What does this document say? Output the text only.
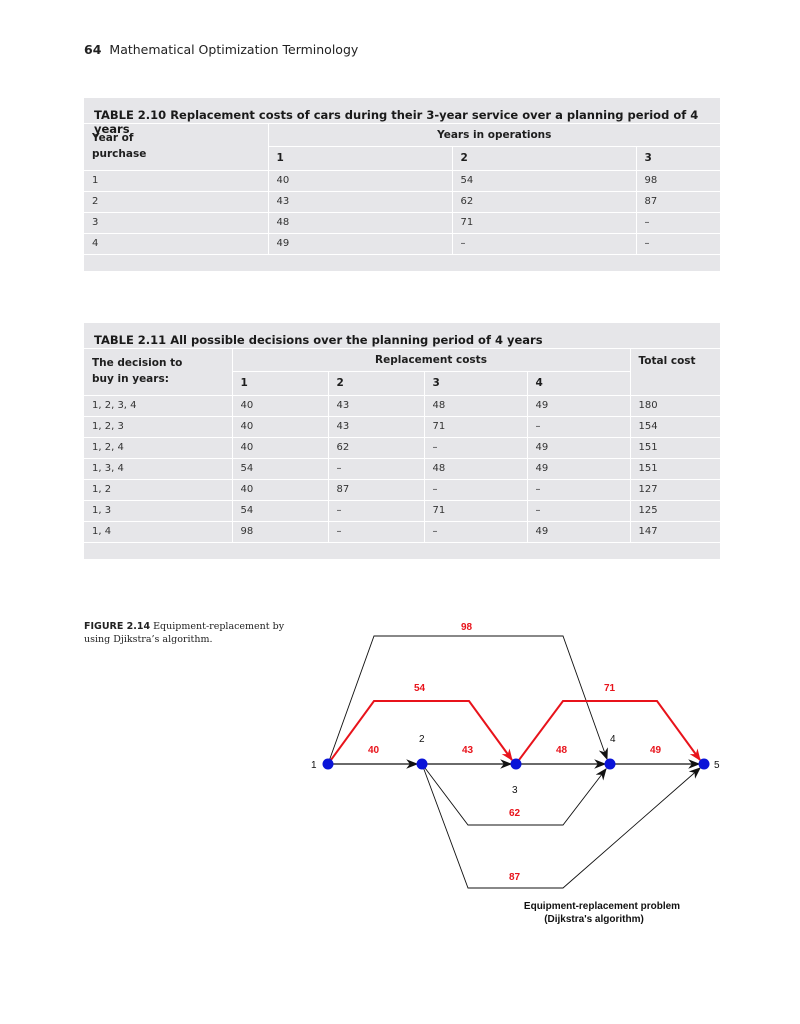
64 Mathematical Optimization Terminology
TABLE 2.10 Replacement costs of cars during their 3-year service over a planning period of 4 years
Year of
purchase	Years in operations		
	1	2	3
1	40	54	98
2	43	62	87
3	48	71	–
4	49	–	–

TABLE 2.11 All possible decisions over the planning period of 4 years
The decision to
buy in years:	Replacement costs				Total cost
	1	2	3	4	
1, 2, 3, 4	40	43	48	49	180
1, 2, 3	40	43	71	–	154
1, 2, 4	40	62	–	49	151
1, 3, 4	54	–	48	49	151
1, 2	40	87	–	–	127
1, 3	54	–	71	–	125
1, 4	98	–	–	49	147

FIGURE 2.14 Equipment-replacement by using Djikstra’s algorithm.
40	43	48	49
54	71
62
87
98
1
2
3
4
5
Equipment-replacement problem
(Dijkstra's algorithm)
